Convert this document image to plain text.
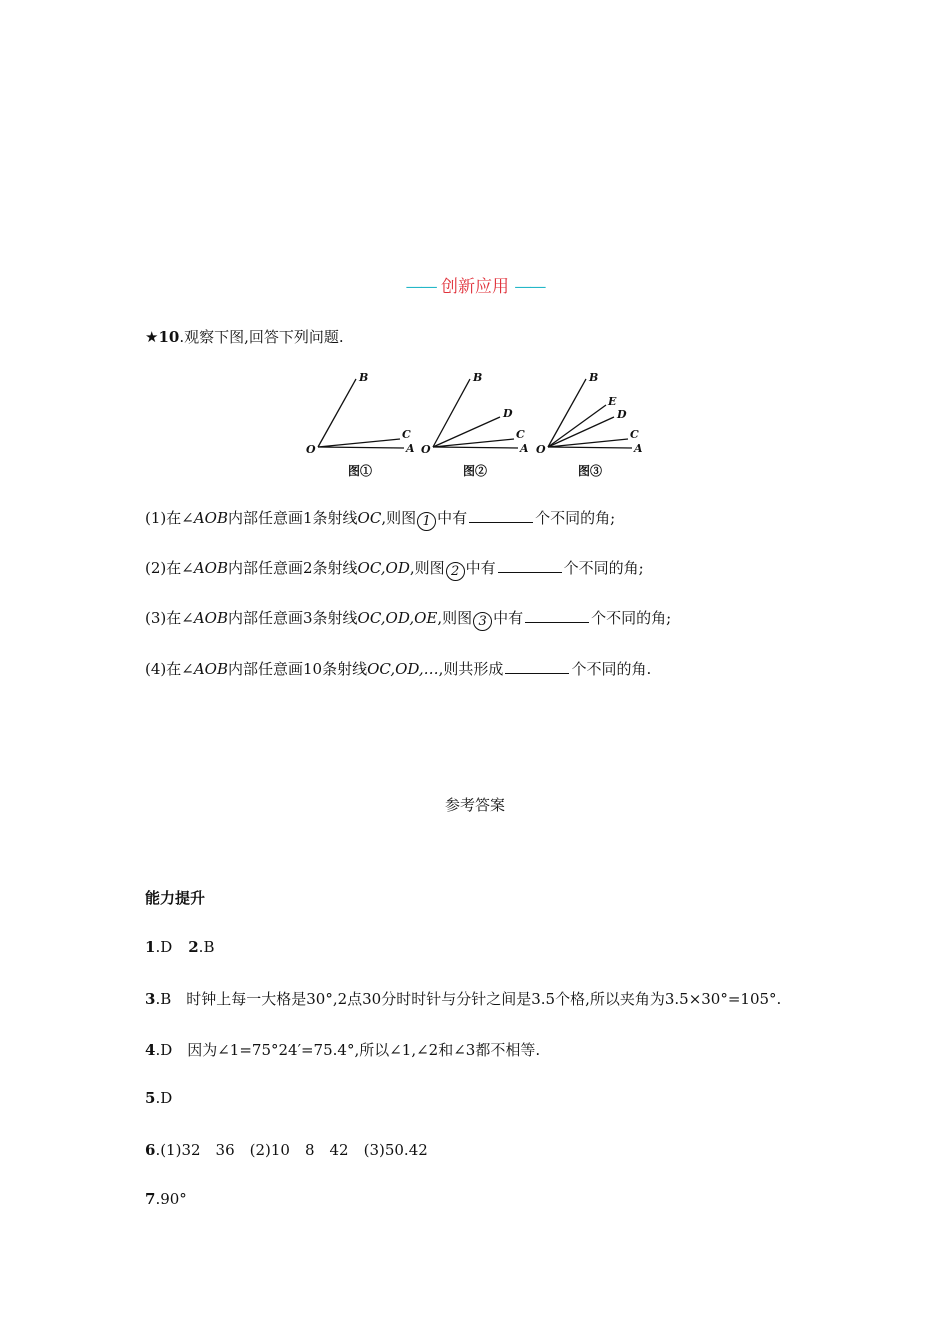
—— 创新应用 ——
★10.观察下图,回答下列问题.
B
C
O	A
图①
B
D
C
O	A
图②
B
E
D
C
O	A
图③
(1)在∠AOB内部任意画1条射线OC,则图 1 中有	个不同的角;
(2)在∠AOB内部任意画2条射线OC,OD,则图 2 中有	个不同的角;
(3)在∠AOB内部任意画3条射线OC,OD,OE,则图 3 中有	个不同的角;
(4)在∠AOB内部任意画10条射线OC,OD,…,则共形成	个不同的角.
参考答案
能力提升
1.D 2.B
3.B　时钟上每一大格是30°,2点30分时时针与分针之间是3.5个格,所以夹角为3.5×30°=105°.
4.D　因为∠1=75°24′=75.4°,所以∠1,∠2和∠3都不相等.
5.D
6.(1)32　36　(2)10　8　42　(3)50.42
7.90°
